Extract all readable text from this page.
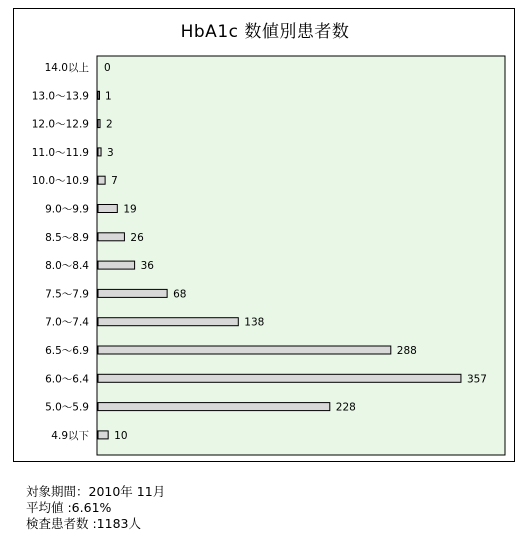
HbA1c 数値別患者数
14.0以上 0
13.0～13.9 1
12.0～12.9 2
11.0～11.9 3
10.0～10.9 7
9.0～9.9	19
8.5～8.9	26
8.0～8.4	36
7.5～7.9	68
7.0～7.4	138
6.5～6.9	288
6.0～6.4	357
5.0～5.9	228
4.9以下 10
対象期間：2010年 11月
平均値 :6.61%
検査患者数 :1183人
